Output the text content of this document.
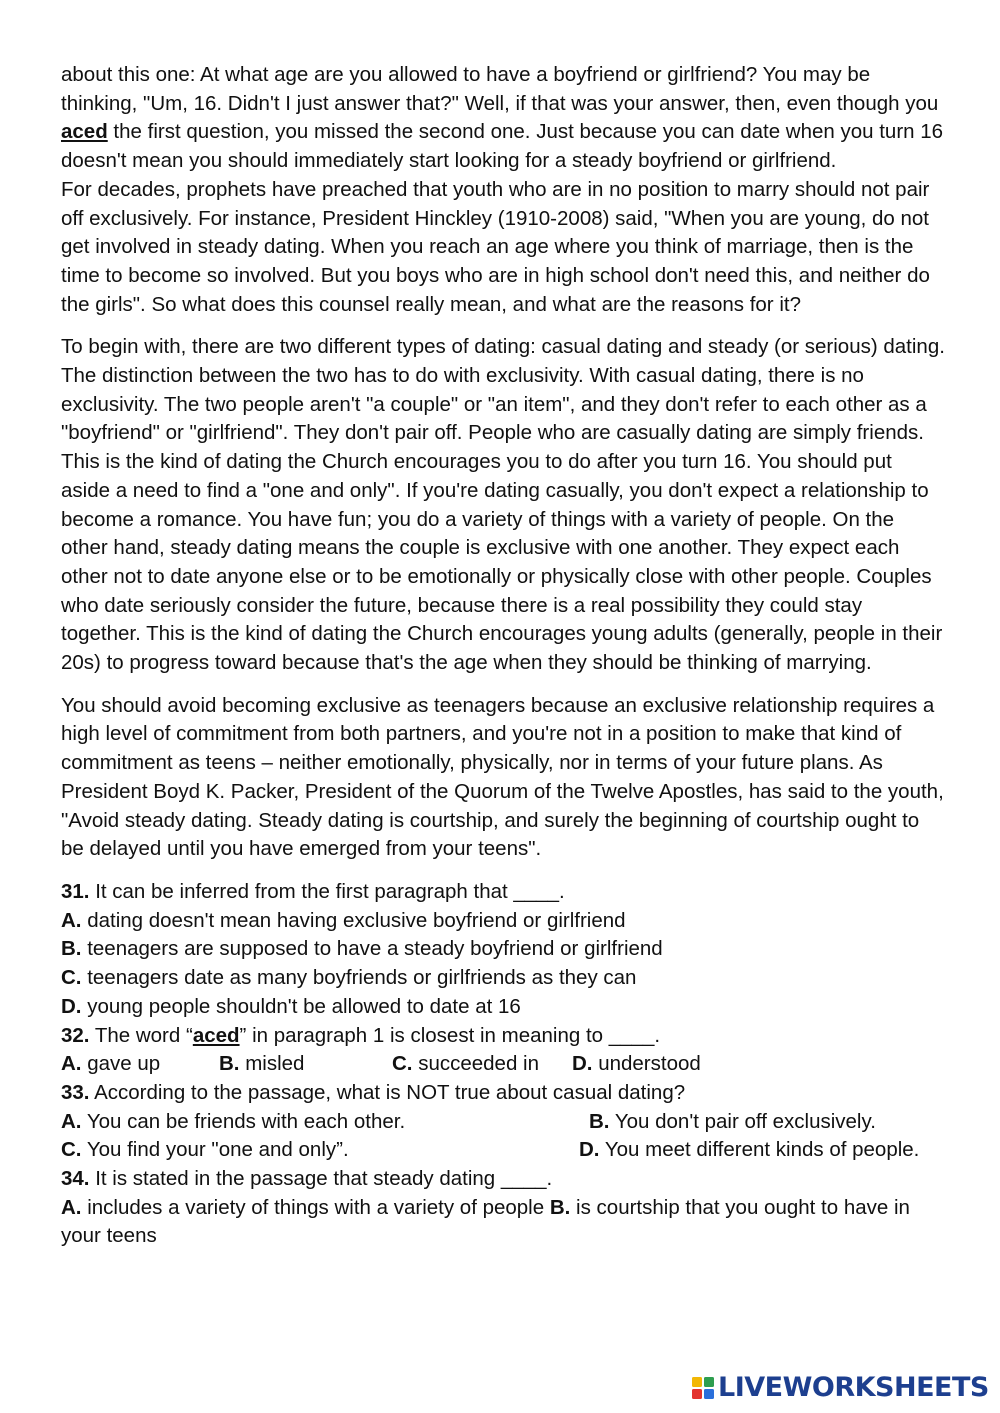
about this one: At what age are you allowed to have a boyfriend or girlfriend? You may be thinking, "Um, 16. Didn't I just answer that?" Well, if that was your answer, then, even though you aced the first question, you missed the second one. Just because you can date when you turn 16 doesn't mean you should immediately start looking for a steady boyfriend or girlfriend.

For decades, prophets have preached that youth who are in no position to marry should not pair off exclusively. For instance, President Hinckley (1910-2008) said, "When you are young, do not get involved in steady dating. When you reach an age where you think of marriage, then is the time to become so involved. But you boys who are in high school don't need this, and neither do the girls". So what does this counsel really mean, and what are the reasons for it?

To begin with, there are two different types of dating: casual dating and steady (or serious) dating. The distinction between the two has to do with exclusivity. With casual dating, there is no exclusivity. The two people aren't "a couple" or "an item", and they don't refer to each other as a "boyfriend" or "girlfriend". They don't pair off. People who are casually dating are simply friends. This is the kind of dating the Church encourages you to do after you turn 16. You should put aside a need to find a "one and only". If you're dating casually, you don't expect a relationship to become a romance. You have fun; you do a variety of things with a variety of people. On the other hand, steady dating means the couple is exclusive with one another. They expect each other not to date anyone else or to be emotionally or physically close with other people. Couples who date seriously consider the future, because there is a real possibility they could stay together. This is the kind of dating the Church encourages young adults (generally, people in their 20s) to progress toward because that's the age when they should be thinking of marrying.

You should avoid becoming exclusive as teenagers because an exclusive relationship requires a high level of commitment from both partners, and you're not in a position to make that kind of commitment as teens – neither emotionally, physically, nor in terms of your future plans. As President Boyd K. Packer, President of the Quorum of the Twelve Apostles, has said to the youth, "Avoid steady dating. Steady dating is courtship, and surely the beginning of courtship ought to be delayed until you have emerged from your teens".

31. It can be inferred from the first paragraph that ____.

A. dating doesn't mean having exclusive boyfriend or girlfriend

B. teenagers are supposed to have a steady boyfriend or girlfriend

C. teenagers date as many boyfriends or girlfriends as they can

D. young people shouldn't be allowed to date at 16

32. The word “aced” in paragraph 1 is closest in meaning to ____.

A. gave up	B. misled	C. succeeded in	D. understood

33. According to the passage, what is NOT true about casual dating?

A. You can be friends with each other.	B. You don't pair off exclusively.
C. You find your "one and only”.	D. You meet different kinds of people.

34. It is stated in the passage that steady dating ____.

A. includes a variety of things with a variety of people B. is courtship that you ought to have in your teens

LIVEWORKSHEETS
